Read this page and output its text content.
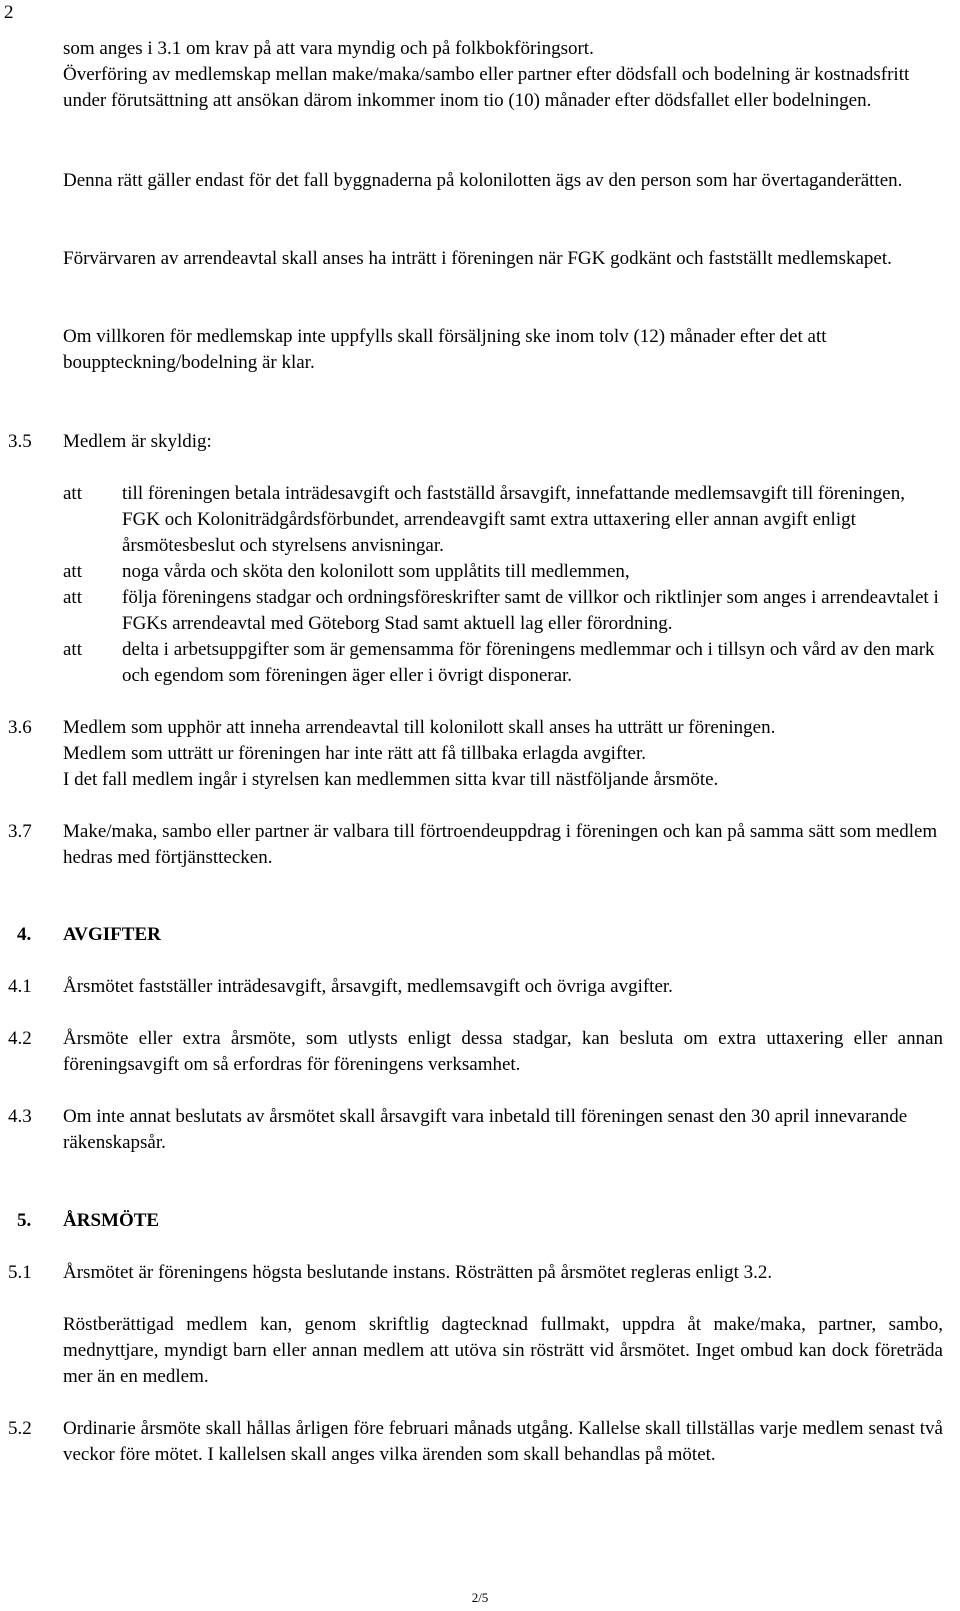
2
som anges i 3.1 om krav på att vara myndig och på folkbokföringsort.
Överföring av medlemskap mellan make/maka/sambo eller partner efter dödsfall och bodelning är kostnadsfritt under förutsättning att ansökan därom inkommer inom tio (10) månader efter dödsfallet eller bodelningen.
Denna rätt gäller endast för det fall byggnaderna på kolonilotten ägs av den person som har övertaganderätten.
Förvärvaren av arrendeavtal skall anses ha inträtt i föreningen när FGK godkänt och fastställt medlemskapet.
Om villkoren för medlemskap inte uppfylls skall försäljning ske inom tolv (12) månader efter det att bouppteckning/bodelning är klar.
3.5 Medlem är skyldig:
att till föreningen betala inträdesavgift och fastställd årsavgift, innefattande medlemsavgift till föreningen, FGK och Koloniträdgårdsförbundet, arrendeavgift samt extra uttaxering eller annan avgift enligt årsmötesbeslut och styrelsens anvisningar.
att noga vårda och sköta den kolonilott som upplåtits till medlemmen,
att följa föreningens stadgar och ordningsföreskrifter samt de villkor och riktlinjer som anges i arrendeavtalet i FGKs arrendeavtal med Göteborg Stad samt aktuell lag eller förordning.
att delta i arbetsuppgifter som är gemensamma för föreningens medlemmar och i tillsyn och vård av den mark och egendom som föreningen äger eller i övrigt disponerar.
3.6 Medlem som upphör att inneha arrendeavtal till kolonilott skall anses ha utträtt ur föreningen.
Medlem som utträtt ur föreningen har inte rätt att få tillbaka erlagda avgifter.
I det fall medlem ingår i styrelsen kan medlemmen sitta kvar till nästföljande årsmöte.
3.7 Make/maka, sambo eller partner är valbara till förtroendeuppdrag i föreningen och kan på samma sätt som medlem hedras med förtjänsttecken.
4. AVGIFTER
4.1 Årsmötet fastställer inträdesavgift, årsavgift, medlemsavgift och övriga avgifter.
4.2 Årsmöte eller extra årsmöte, som utlysts enligt dessa stadgar, kan besluta om extra uttaxering eller annan föreningsavgift om så erfordras för föreningens verksamhet.
4.3 Om inte annat beslutats av årsmötet skall årsavgift vara inbetald till föreningen senast den 30 april innevarande räkenskapsår.
5. ÅRSMÖTE
5.1 Årsmötet är föreningens högsta beslutande instans. Rösträtten på årsmötet regleras enligt 3.2.
Röstberättigad medlem kan, genom skriftlig dagtecknad fullmakt, uppdra åt make/maka, partner, sambo, mednyttjare, myndigt barn eller annan medlem att utöva sin rösträtt vid årsmötet. Inget ombud kan dock företräda mer än en medlem.
5.2 Ordinarie årsmöte skall hållas årligen före februari månads utgång. Kallelse skall tillställas varje medlem senast två veckor före mötet. I kallelsen skall anges vilka ärenden som skall behandlas på mötet.
2/5
